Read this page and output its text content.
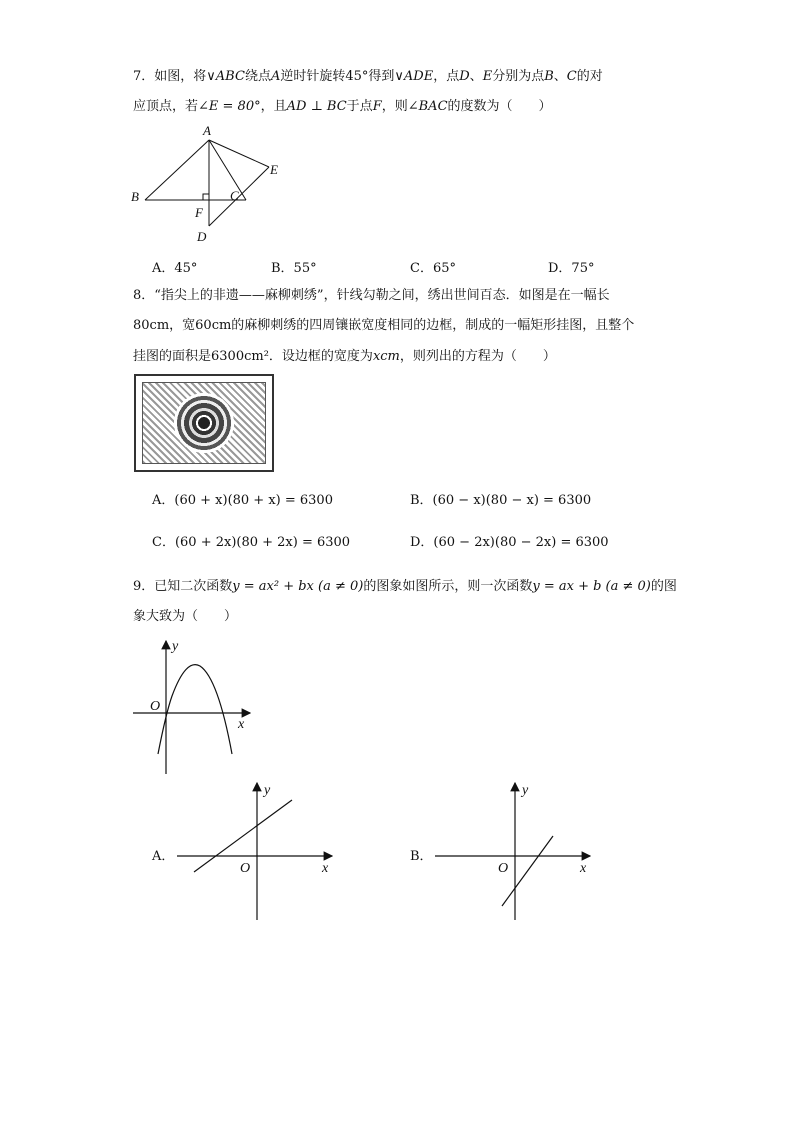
7．如图，将∨ABC绕点A逆时针旋转45°得到∨ADE，点D、E分别为点B、C的对
应顶点，若∠E = 80°，且AD ⊥ BC于点F，则∠BAC的度数为（　　）
A
B	C
D
E
F
A．45°	B．55°	C．65°	D．75°
8．“指尖上的非遗——麻柳刺绣”，针线勾勒之间，绣出世间百态．如图是在一幅长
80cm，宽60cm的麻柳刺绣的四周镶嵌宽度相同的边框，制成的一幅矩形挂图，且整个
挂图的面积是6300cm²．设边框的宽度为xcm，则列出的方程为（　　）
A．(60 + x)(80 + x) = 6300	B．(60 − x)(80 − x) = 6300
C．(60 + 2x)(80 + 2x) = 6300	D．(60 − 2x)(80 − 2x) = 6300
9．已知二次函数y = ax² + bx (a ≠ 0)的图象如图所示，则一次函数y = ax + b (a ≠ 0)的图
象大致为（　　）
y
x
O
A．
y
x
O
B．
y
x
O
